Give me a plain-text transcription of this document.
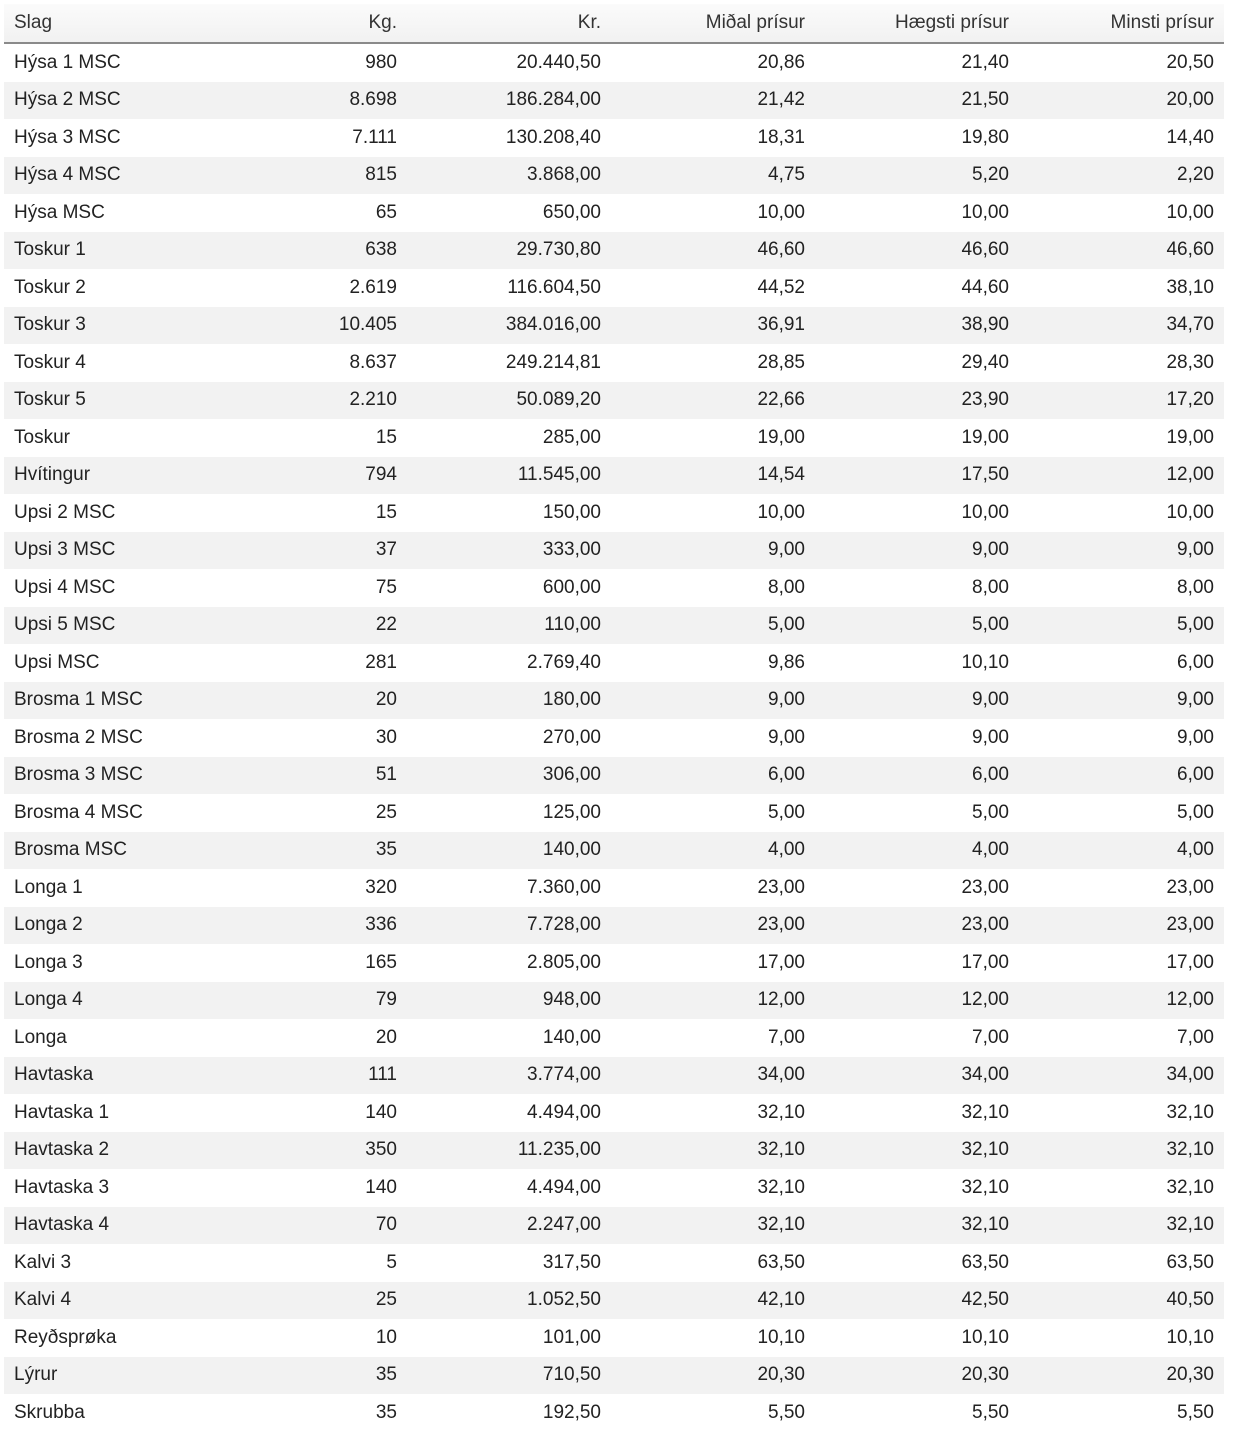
Slag	Kg.	Kr.	Miðal prísur	Hægsti prísur	Minsti prísur
Hýsa 1 MSC	980	20.440,50	20,86	21,40	20,50
Hýsa 2 MSC	8.698	186.284,00	21,42	21,50	20,00
Hýsa 3 MSC	7.111	130.208,40	18,31	19,80	14,40
Hýsa 4 MSC	815	3.868,00	4,75	5,20	2,20
Hýsa MSC	65	650,00	10,00	10,00	10,00
Toskur 1	638	29.730,80	46,60	46,60	46,60
Toskur 2	2.619	116.604,50	44,52	44,60	38,10
Toskur 3	10.405	384.016,00	36,91	38,90	34,70
Toskur 4	8.637	249.214,81	28,85	29,40	28,30
Toskur 5	2.210	50.089,20	22,66	23,90	17,20
Toskur	15	285,00	19,00	19,00	19,00
Hvítingur	794	11.545,00	14,54	17,50	12,00
Upsi 2 MSC	15	150,00	10,00	10,00	10,00
Upsi 3 MSC	37	333,00	9,00	9,00	9,00
Upsi 4 MSC	75	600,00	8,00	8,00	8,00
Upsi 5 MSC	22	110,00	5,00	5,00	5,00
Upsi MSC	281	2.769,40	9,86	10,10	6,00
Brosma 1 MSC	20	180,00	9,00	9,00	9,00
Brosma 2 MSC	30	270,00	9,00	9,00	9,00
Brosma 3 MSC	51	306,00	6,00	6,00	6,00
Brosma 4 MSC	25	125,00	5,00	5,00	5,00
Brosma MSC	35	140,00	4,00	4,00	4,00
Longa 1	320	7.360,00	23,00	23,00	23,00
Longa 2	336	7.728,00	23,00	23,00	23,00
Longa 3	165	2.805,00	17,00	17,00	17,00
Longa 4	79	948,00	12,00	12,00	12,00
Longa	20	140,00	7,00	7,00	7,00
Havtaska	111	3.774,00	34,00	34,00	34,00
Havtaska 1	140	4.494,00	32,10	32,10	32,10
Havtaska 2	350	11.235,00	32,10	32,10	32,10
Havtaska 3	140	4.494,00	32,10	32,10	32,10
Havtaska 4	70	2.247,00	32,10	32,10	32,10
Kalvi 3	5	317,50	63,50	63,50	63,50
Kalvi 4	25	1.052,50	42,10	42,50	40,50
Reyðsprøka	10	101,00	10,10	10,10	10,10
Lýrur	35	710,50	20,30	20,30	20,30
Skrubba	35	192,50	5,50	5,50	5,50
